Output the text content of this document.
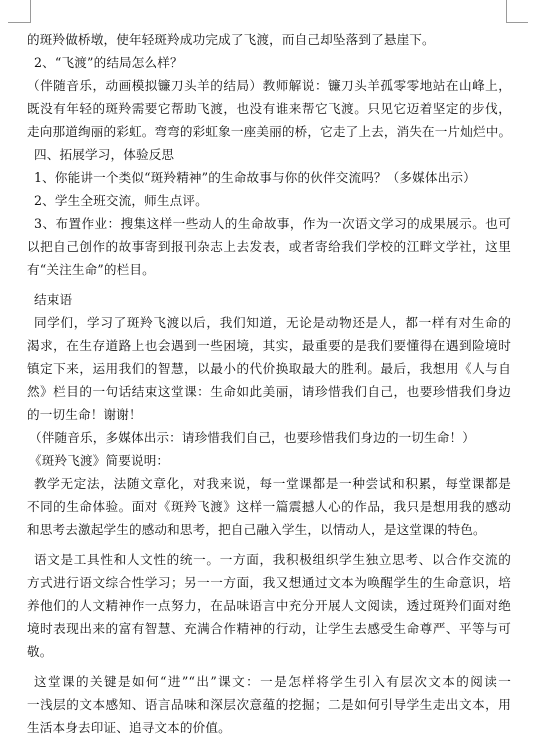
的斑羚做桥墩，使年轻斑羚成功完成了飞渡，而自己却坠落到了悬崖下。
2、“飞渡”的结局怎么样？
（伴随音乐，动画模拟镰刀头羊的结局）教师解说：镰刀头羊孤零零地站在山峰上，
既没有年轻的斑羚需要它帮助飞渡，也没有谁来帮它飞渡。只见它迈着坚定的步伐，
走向那道绚丽的彩虹。弯弯的彩虹象一座美丽的桥，它走了上去，消失在一片灿烂中。
四、拓展学习，体验反思
1、你能讲一个类似“斑羚精神”的生命故事与你的伙伴交流吗？（多媒体出示）
2、学生全班交流，师生点评。
3、布置作业：搜集这样一些动人的生命故事，作为一次语文学习的成果展示。也可
以把自己创作的故事寄到报刊杂志上去发表，或者寄给我们学校的江畔文学社，这里
有“关注生命”的栏目。
结束语
同学们，学习了斑羚飞渡以后，我们知道，无论是动物还是人，都一样有对生命的
渴求，在生存道路上也会遇到一些困境，其实，最重要的是我们要懂得在遇到险境时
镇定下来，运用我们的智慧，以最小的代价换取最大的胜利。最后，我想用《人与自
然》栏目的一句话结束这堂课：生命如此美丽，请珍惜我们自己，也要珍惜我们身边
的一切生命！谢谢！
（伴随音乐，多媒体出示：请珍惜我们自己，也要珍惜我们身边的一切生命！）
《斑羚飞渡》简要说明：
教学无定法，法随文章化，对我来说，每一堂课都是一种尝试和积累，每堂课都是
不同的生命体验。面对《斑羚飞渡》这样一篇震撼人心的作品，我只是想用我的感动
和思考去激起学生的感动和思考，把自己融入学生，以情动人，是这堂课的特色。
语文是工具性和人文性的统一。一方面，我积极组织学生独立思考、以合作交流的
方式进行语文综合性学习；另一一方面，我又想通过文本为唤醒学生的生命意识，培
养他们的人文精神作一点努力，在品味语言中充分开展人文阅读，透过斑羚们面对绝
境时表现出来的富有智慧、充满合作精神的行动，让学生去感受生命尊严、平等与可
敬。
这堂课的关键是如何“进”“出”课文：一是怎样将学生引入有层次文本的阅读一
一浅层的文本感知、语言品味和深层次意蕴的挖掘；二是如何引导学生走出文本，用
生活本身去印证、追寻文本的价值。
